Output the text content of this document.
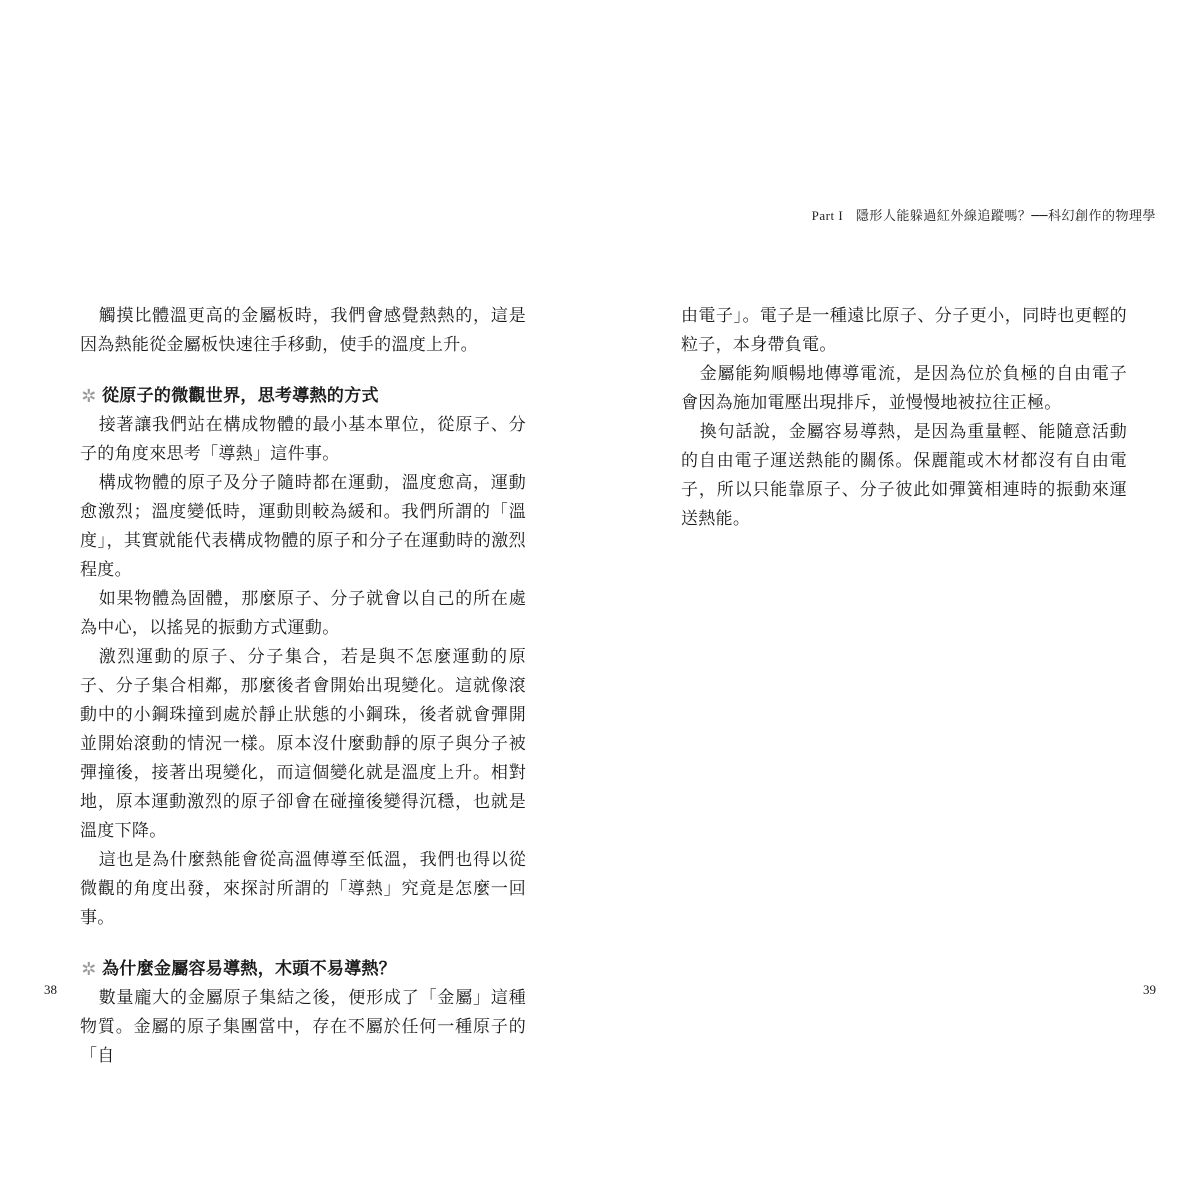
Part I 隱形人能躲過紅外線追蹤嗎？──科幻創作的物理學

觸摸比體溫更高的金屬板時，我們會感覺熱熱的，這是因為熱能從金屬板快速往手移動，使手的溫度上升。

✲ 從原子的微觀世界，思考導熱的方式

接著讓我們站在構成物體的最小基本單位，從原子、分子的角度來思考「導熱」這件事。

構成物體的原子及分子隨時都在運動，溫度愈高，運動愈激烈；溫度變低時，運動則較為緩和。我們所謂的「溫度」，其實就能代表構成物體的原子和分子在運動時的激烈程度。

如果物體為固體，那麼原子、分子就會以自己的所在處為中心，以搖晃的振動方式運動。

激烈運動的原子、分子集合，若是與不怎麼運動的原子、分子集合相鄰，那麼後者會開始出現變化。這就像滾動中的小鋼珠撞到處於靜止狀態的小鋼珠，後者就會彈開並開始滾動的情況一樣。原本沒什麼動靜的原子與分子被彈撞後，接著出現變化，而這個變化就是溫度上升。相對地，原本運動激烈的原子卻會在碰撞後變得沉穩，也就是溫度下降。

這也是為什麼熱能會從高溫傳導至低溫，我們也得以從微觀的角度出發，來探討所謂的「導熱」究竟是怎麼一回事。

✲ 為什麼金屬容易導熱，木頭不易導熱？

數量龐大的金屬原子集結之後，便形成了「金屬」這種物質。金屬的原子集團當中，存在不屬於任何一種原子的「自

38

由電子」。電子是一種遠比原子、分子更小，同時也更輕的粒子，本身帶負電。

金屬能夠順暢地傳導電流，是因為位於負極的自由電子會因為施加電壓出現排斥，並慢慢地被拉往正極。

換句話說，金屬容易導熱，是因為重量輕、能隨意活動的自由電子運送熱能的關係。保麗龍或木材都沒有自由電子，所以只能靠原子、分子彼此如彈簧相連時的振動來運送熱能。

39
